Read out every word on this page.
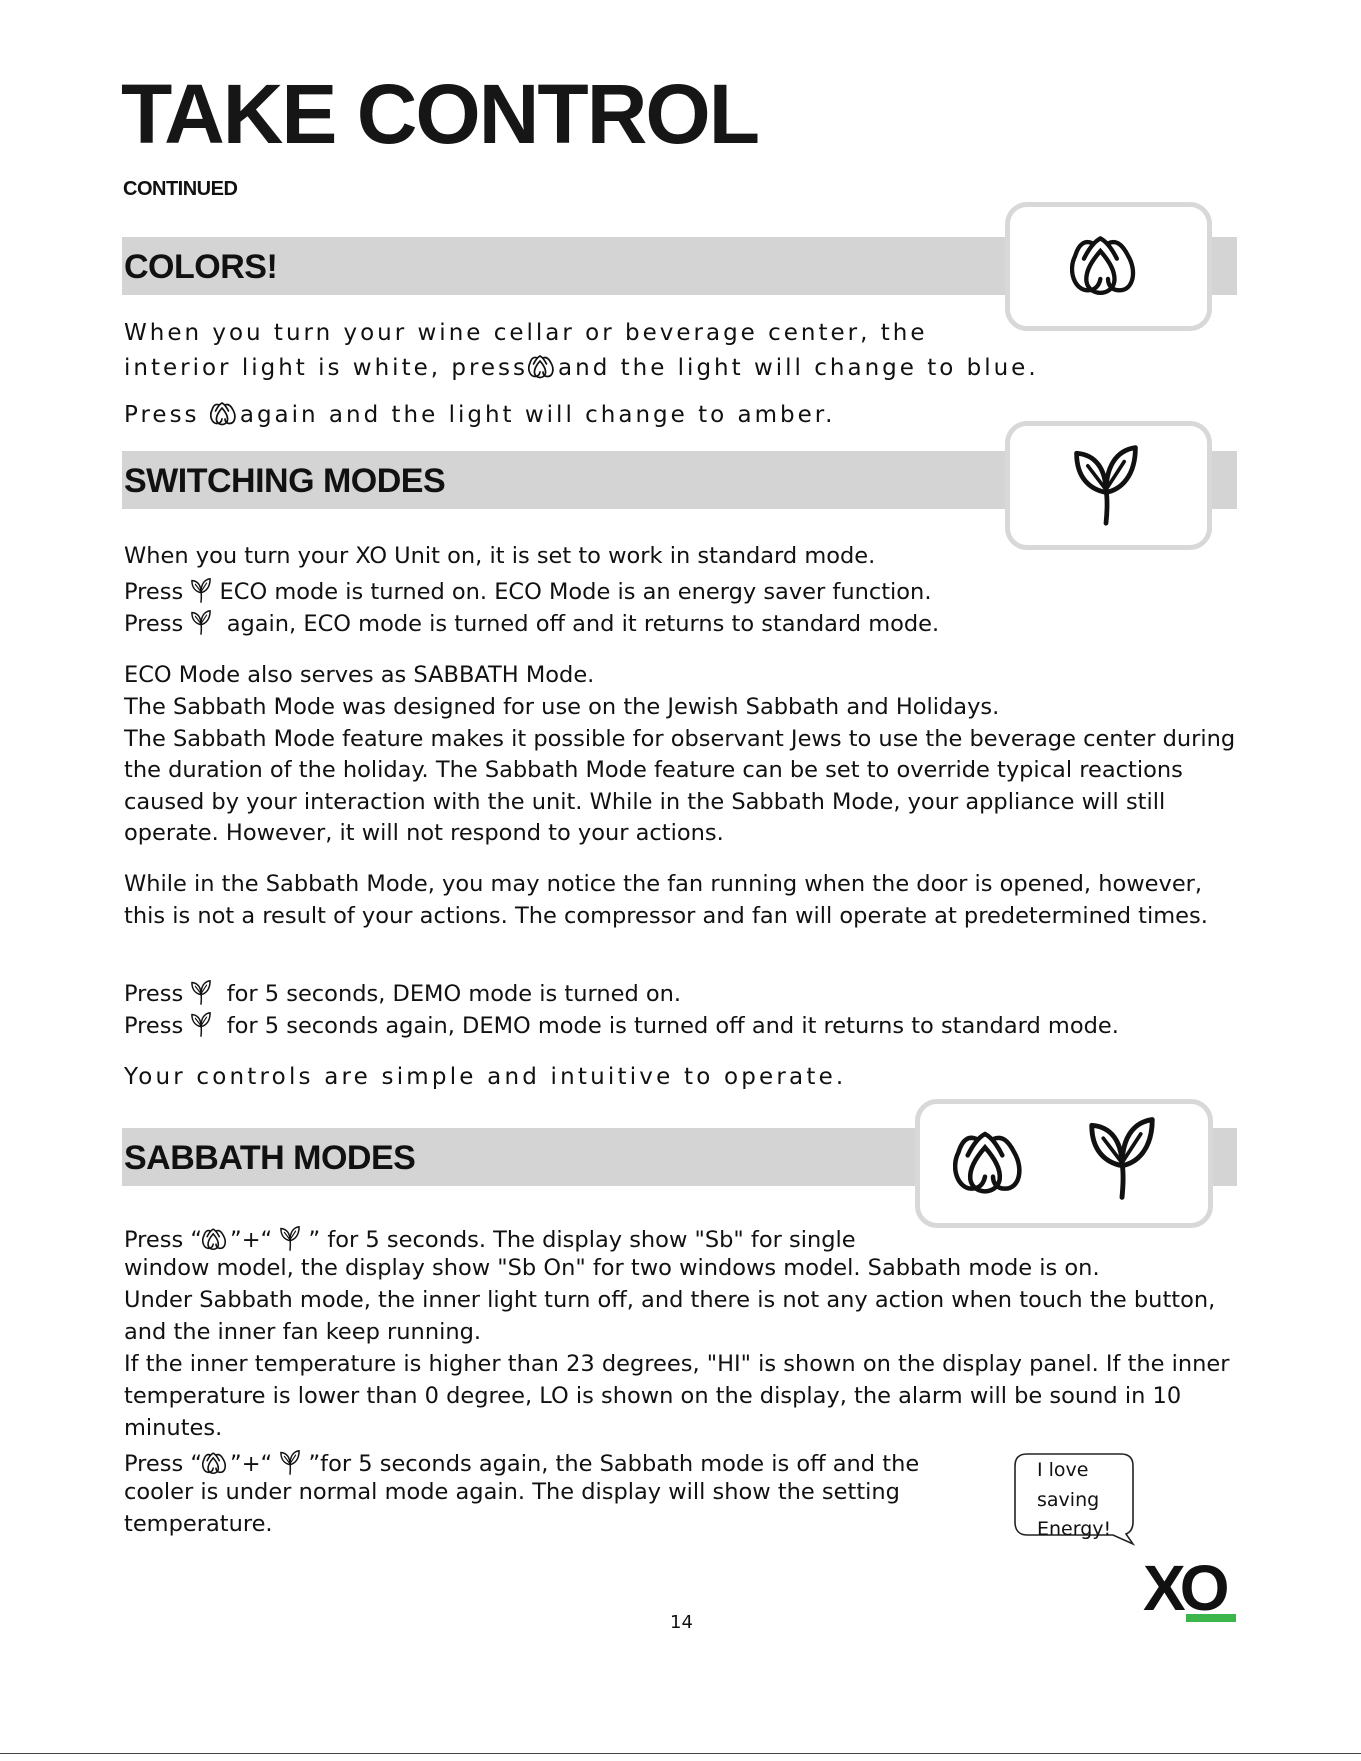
TAKE CONTROL
CONTINUED
COLORS!
When you turn your wine cellar or beverage center, the
interior light is white, press and the light will change to blue.
Press again and the light will change to amber.
SWITCHING MODES
When you turn your XO Unit on, it is set to work in standard mode.
Press ECO mode is turned on. ECO Mode is an energy saver function.
Press again, ECO mode is turned off and it returns to standard mode.
ECO Mode also serves as SABBATH Mode.
The Sabbath Mode was designed for use on the Jewish Sabbath and Holidays.
The Sabbath Mode feature makes it possible for observant Jews to use the beverage center during
the duration of the holiday. The Sabbath Mode feature can be set to override typical reactions
caused by your interaction with the unit. While in the Sabbath Mode, your appliance will still
operate. However, it will not respond to your actions.
While in the Sabbath Mode, you may notice the fan running when the door is opened, however,
this is not a result of your actions. The compressor and fan will operate at predetermined times.
Press for 5 seconds, DEMO mode is turned on.
Press for 5 seconds again, DEMO mode is turned off and it returns to standard mode.
Your controls are simple and intuitive to operate.
SABBATH MODES
Press “ ”+“ ” for 5 seconds. The display show "Sb" for single
window model, the display show "Sb On" for two windows model. Sabbath mode is on.
Under Sabbath mode, the inner light turn off, and there is not any action when touch the button,
and the inner fan keep running.
If the inner temperature is higher than 23 degrees, "HI" is shown on the display panel. If the inner
temperature is lower than 0 degree, LO is shown on the display, the alarm will be sound in 10
minutes.
Press “ ”+“ ”for 5 seconds again, the Sabbath mode is off and the
cooler is under normal mode again. The display will show the setting
temperature.
I love
saving
Energy!
XO
14
